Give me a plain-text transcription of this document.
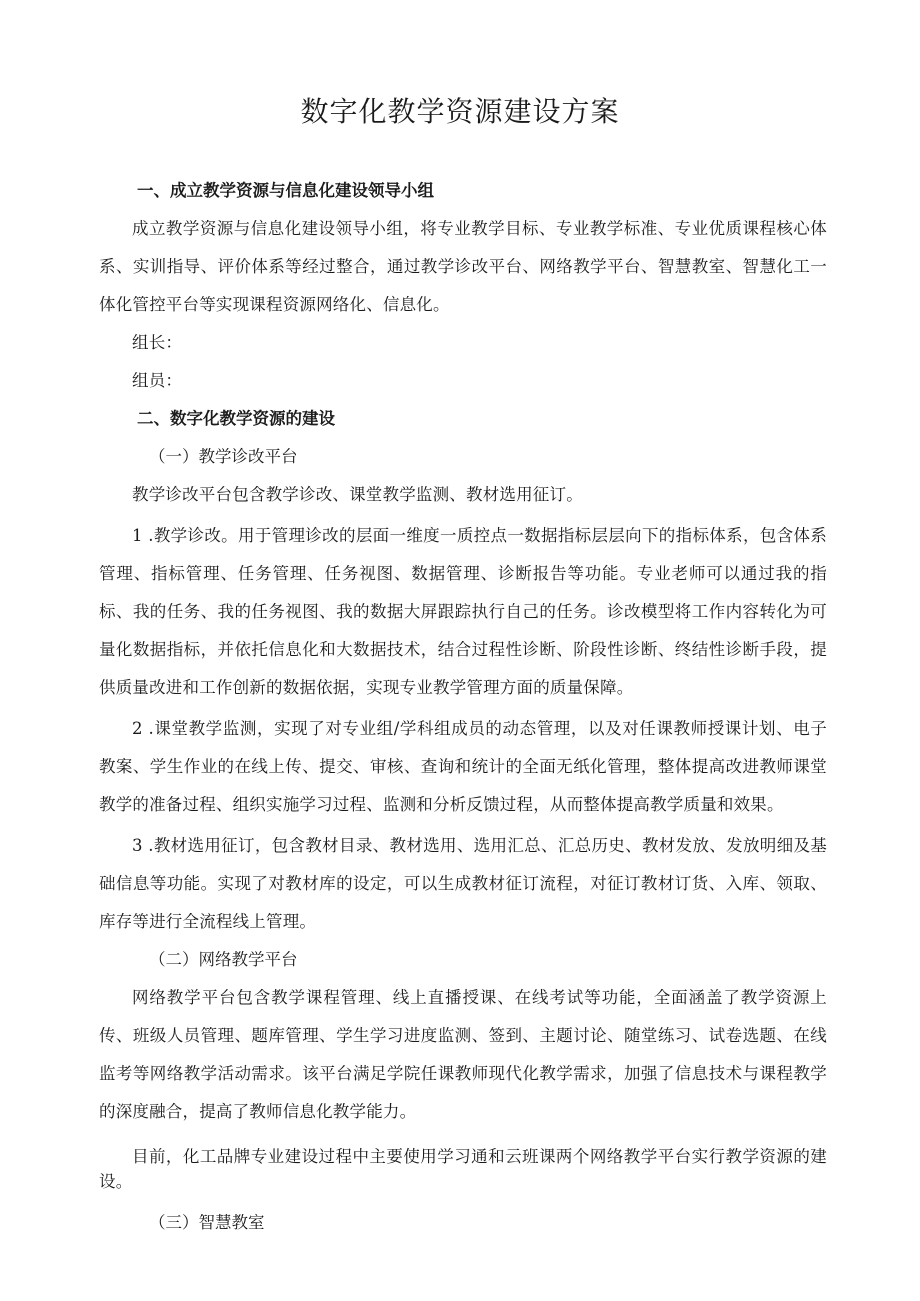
数字化教学资源建设方案

一、成立教学资源与信息化建设领导小组

成立教学资源与信息化建设领导小组，将专业教学目标、专业教学标准、专业优质课程核心体系、实训指导、评价体系等经过整合，通过教学诊改平台、网络教学平台、智慧教室、智慧化工一体化管控平台等实现课程资源网络化、信息化。

组长：

组员：

二、数字化教学资源的建设

（一）教学诊改平台

教学诊改平台包含教学诊改、课堂教学监测、教材选用征订。

1 .教学诊改。用于管理诊改的层面一维度一质控点一数据指标层层向下的指标体系，包含体系管理、指标管理、任务管理、任务视图、数据管理、诊断报告等功能。专业老师可以通过我的指标、我的任务、我的任务视图、我的数据大屏跟踪执行自己的任务。诊改模型将工作内容转化为可量化数据指标，并依托信息化和大数据技术，结合过程性诊断、阶段性诊断、终结性诊断手段，提供质量改进和工作创新的数据依据，实现专业教学管理方面的质量保障。

2 .课堂教学监测，实现了对专业组/学科组成员的动态管理，以及对任课教师授课计划、电子教案、学生作业的在线上传、提交、审核、查询和统计的全面无纸化管理，整体提高改进教师课堂教学的准备过程、组织实施学习过程、监测和分析反馈过程，从而整体提高教学质量和效果。

3 .教材选用征订，包含教材目录、教材选用、选用汇总、汇总历史、教材发放、发放明细及基础信息等功能。实现了对教材库的设定，可以生成教材征订流程，对征订教材订货、入库、领取、库存等进行全流程线上管理。

（二）网络教学平台

网络教学平台包含教学课程管理、线上直播授课、在线考试等功能，全面涵盖了教学资源上传、班级人员管理、题库管理、学生学习进度监测、签到、主题讨论、随堂练习、试卷选题、在线监考等网络教学活动需求。该平台满足学院任课教师现代化教学需求，加强了信息技术与课程教学的深度融合，提高了教师信息化教学能力。

目前，化工品牌专业建设过程中主要使用学习通和云班课两个网络教学平台实行教学资源的建设。

（三）智慧教室
